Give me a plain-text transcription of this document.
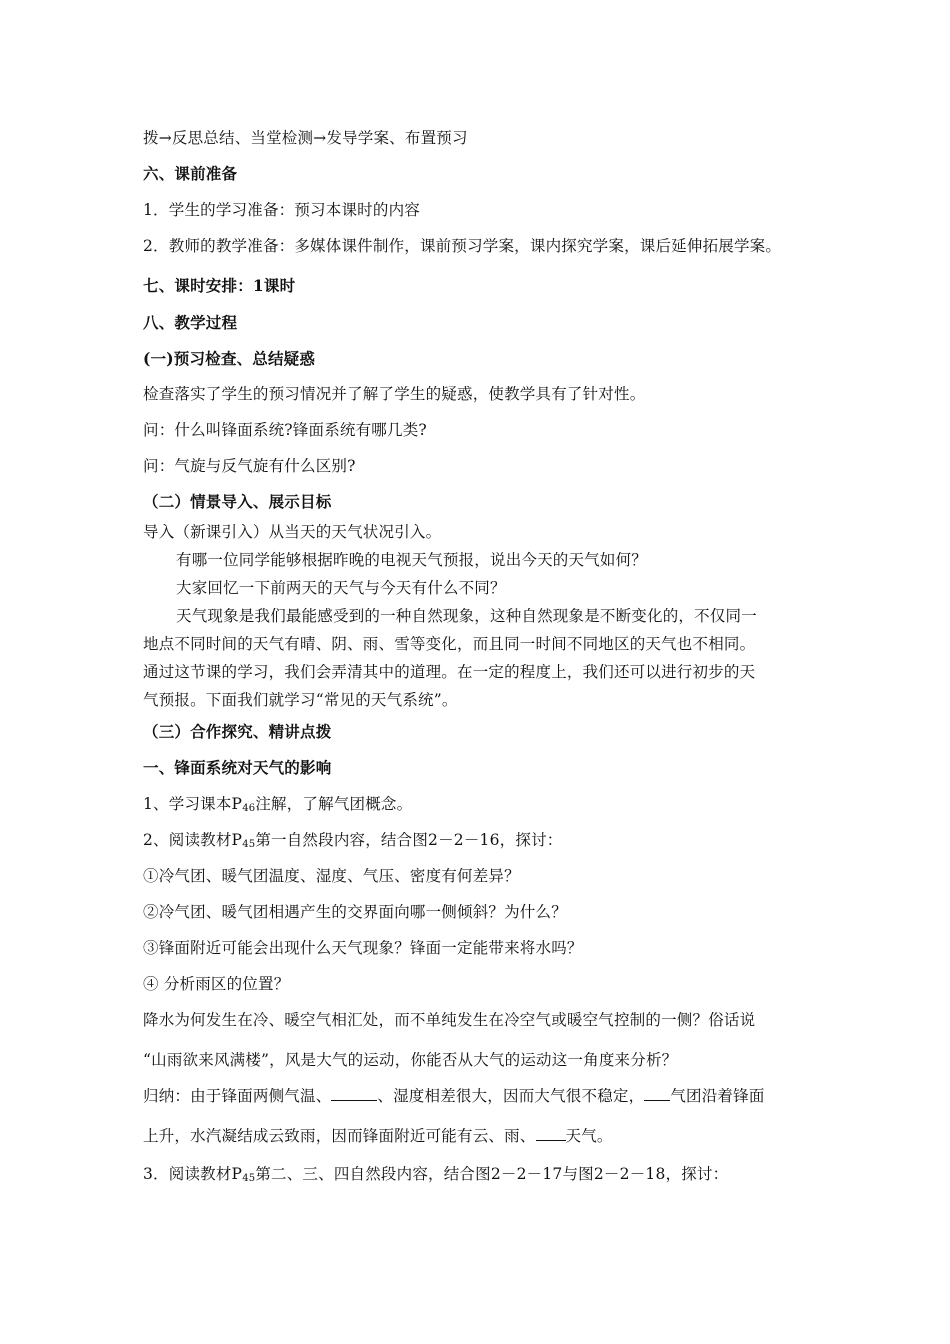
拨→反思总结、当堂检测→发导学案、布置预习
六、课前准备
1．学生的学习准备：预习本课时的内容
2．教师的教学准备：多媒体课件制作，课前预习学案，课内探究学案，课后延伸拓展学案。
七、课时安排：1课时
八、教学过程
(一)预习检查、总结疑惑
检查落实了学生的预习情况并了解了学生的疑惑，使教学具有了针对性。
问：什么叫锋面系统?锋面系统有哪几类?
问：气旋与反气旋有什么区别?
（二）情景导入、展示目标
导入（新课引入）从当天的天气状况引入。
有哪一位同学能够根据昨晚的电视天气预报，说出今天的天气如何？
大家回忆一下前两天的天气与今天有什么不同？
天气现象是我们最能感受到的一种自然现象，这种自然现象是不断变化的，不仅同一
地点不同时间的天气有晴、阴、雨、雪等变化，而且同一时间不同地区的天气也不相同。
通过这节课的学习，我们会弄清其中的道理。在一定的程度上，我们还可以进行初步的天
气预报。下面我们就学习“常见的天气系统”。
（三）合作探究、精讲点拨
一、锋面系统对天气的影响
1、学习课本$P_{46}$注解，了解气团概念。
2、阅读教材$P_{45}$第一自然段内容，结合图2－2－16，探讨：
①冷气团、暖气团温度、湿度、气压、密度有何差异？
②冷气团、暖气团相遇产生的交界面向哪一侧倾斜？为什么？
③锋面附近可能会出现什么天气现象？锋面一定能带来将水吗？
④ 分析雨区的位置？
降水为何发生在冷、暖空气相汇处，而不单纯发生在冷空气或暖空气控制的一侧？俗话说
“山雨欲来风满楼”，风是大气的运动，你能否从大气的运动这一角度来分析？
归纳：由于锋面两侧气温、	、湿度相差很大，因而大气很不稳定， 气团沿着锋面
上升，水汽凝结成云致雨，因而锋面附近可能有云、雨、 天气。
3．阅读教材$P_{45}$第二、三、四自然段内容，结合图2－2－17与图2－2－18，探讨：
